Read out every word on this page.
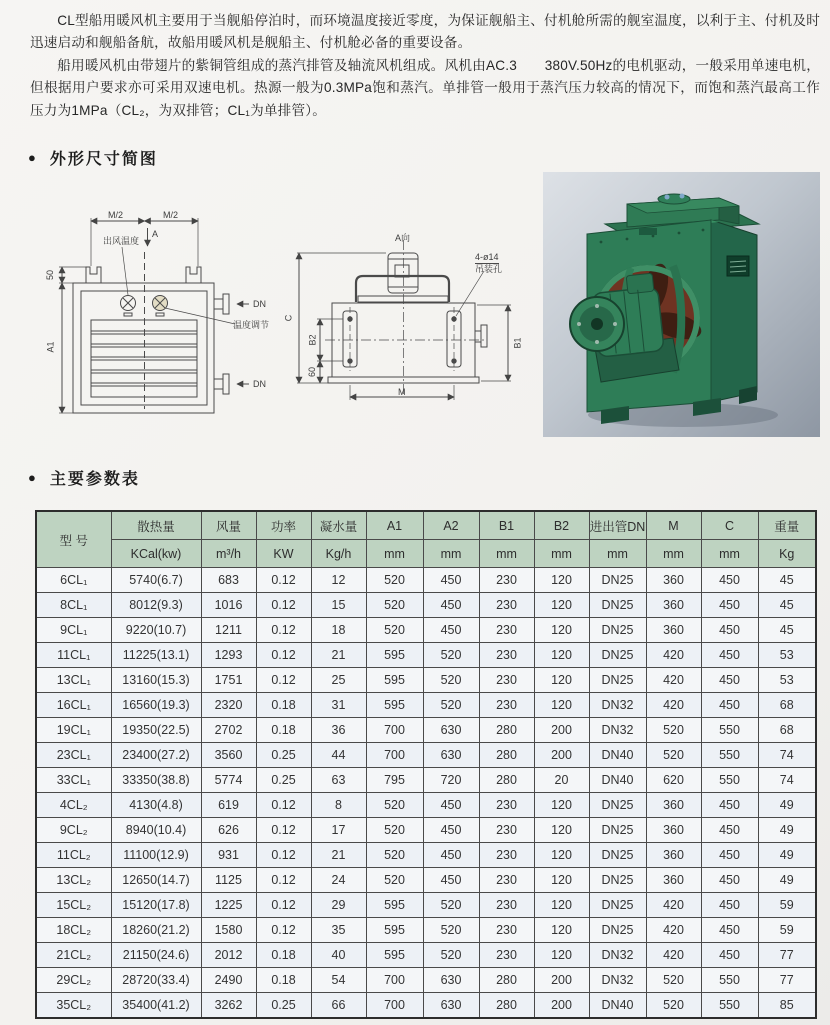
CL型船用暖风机主要用于当舰船停泊时，而环境温度接近零度，为保证舰船主、付机舱所需的舰室温度，以利于主、付机及时迅速启动和舰船备航，故船用暖风机是舰船主、付机舱必备的重要设备。

船用暖风机由带翅片的紫铜管组成的蒸汽排管及轴流风机组成。风机由AC.3　　380V.50Hz的电机驱动，一般采用单速电机，但根据用户要求亦可采用双速电机。热源一般为0.3MPa饱和蒸汽。单排管一般用于蒸汽压力较高的情况下，而饱和蒸汽最高工作压力为1MPa（CL₂，为双排管；CL₁为单排管）。

● 外形尺寸简图
M/2	M/2
A
出风温度
50
A1
DN
DN
温度调节
A向
4-ø14
吊装孔
C
B2
60
M
B1
● 主要参数表
型 号	散热量	风量	功率	凝水量	A1	A2	B1	B2	进出管DN	M	C	重量
	KCal(kw)	m³/h	KW	Kg/h	mm	mm	mm	mm	mm	mm	mm	Kg
6CL₁	5740(6.7)	683	0.12	12	520	450	230	120	DN25	360	450	45
8CL₁	8012(9.3)	1016	0.12	15	520	450	230	120	DN25	360	450	45
9CL₁	9220(10.7)	1211	0.12	18	520	450	230	120	DN25	360	450	45
11CL₁	11225(13.1)	1293	0.12	21	595	520	230	120	DN25	420	450	53
13CL₁	13160(15.3)	1751	0.12	25	595	520	230	120	DN25	420	450	53
16CL₁	16560(19.3)	2320	0.18	31	595	520	230	120	DN32	420	450	68
19CL₁	19350(22.5)	2702	0.18	36	700	630	280	200	DN32	520	550	68
23CL₁	23400(27.2)	3560	0.25	44	700	630	280	200	DN40	520	550	74
33CL₁	33350(38.8)	5774	0.25	63	795	720	280	20	DN40	620	550	74
4CL₂	4130(4.8)	619	0.12	8	520	450	230	120	DN25	360	450	49
9CL₂	8940(10.4)	626	0.12	17	520	450	230	120	DN25	360	450	49
11CL₂	11100(12.9)	931	0.12	21	520	450	230	120	DN25	360	450	49
13CL₂	12650(14.7)	1125	0.12	24	520	450	230	120	DN25	360	450	49
15CL₂	15120(17.8)	1225	0.12	29	595	520	230	120	DN25	420	450	59
18CL₂	18260(21.2)	1580	0.12	35	595	520	230	120	DN25	420	450	59
21CL₂	21150(24.6)	2012	0.18	40	595	520	230	120	DN32	420	450	77
29CL₂	28720(33.4)	2490	0.18	54	700	630	280	200	DN32	520	550	77
35CL₂	35400(41.2)	3262	0.25	66	700	630	280	200	DN40	520	550	85
